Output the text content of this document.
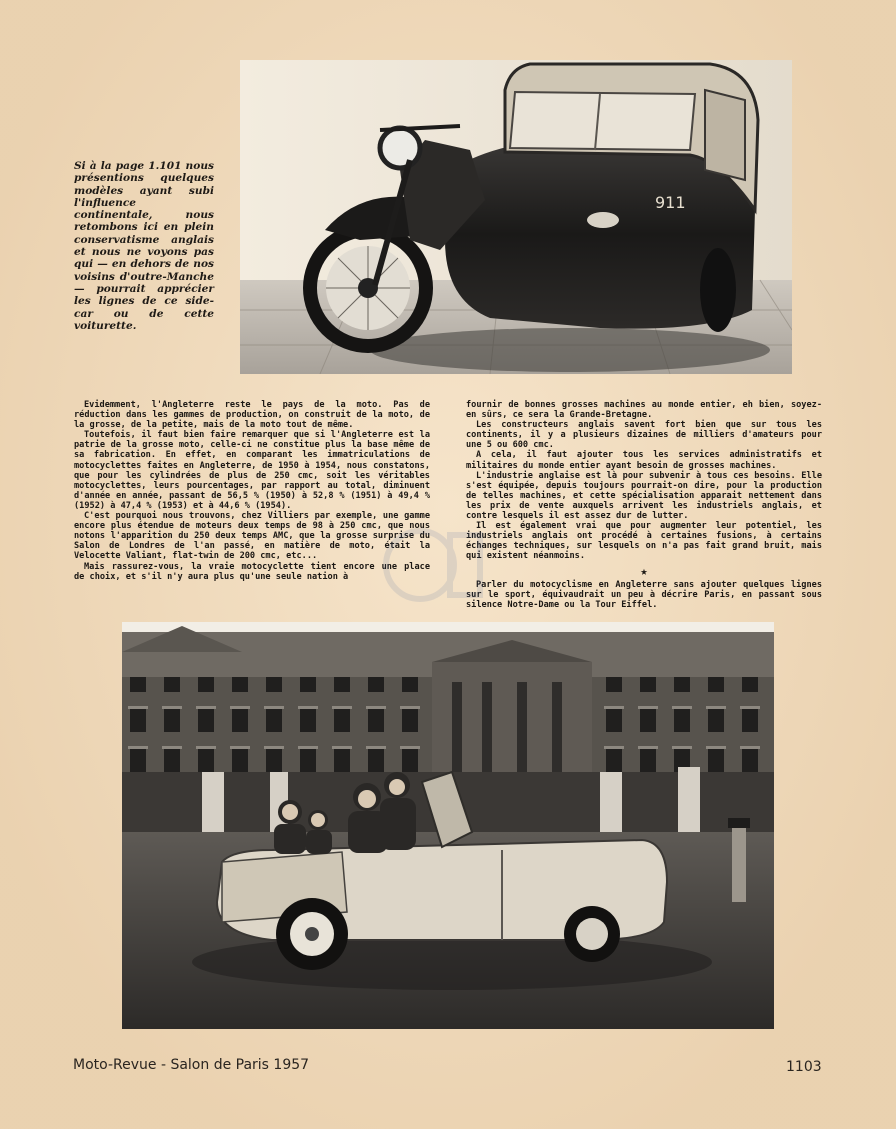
911

Si à la page 1.101 nous présentions quelques modèles ayant subi l'influence continentale, nous retombons ici en plein conservatisme anglais et nous ne voyons pas qui — en dehors de nos voisins d'outre-Manche — pourrait apprécier les lignes de ce side-car ou de cette voiturette.

Evidemment, l'Angleterre reste le pays de la moto. Pas de réduction dans les gammes de production, on construit de la moto, de la grosse, de la petite, mais de la moto tout de même.

Toutefois, il faut bien faire remarquer que si l'Angleterre est la patrie de la grosse moto, celle-ci ne constitue plus la base même de sa fabrication. En effet, en comparant les immatriculations de motocyclettes faites en Angleterre, de 1950 à 1954, nous constatons, que pour les cylindrées de plus de 250 cmc, soit les véritables motocyclettes, leurs pourcentages, par rapport au total, diminuent d'année en année, passant de 56,5 % (1950) à 52,8 % (1951) à 49,4 % (1952) à 47,4 % (1953) et à 44,6 % (1954).

C'est pourquoi nous trouvons, chez Villiers par exemple, une gamme encore plus étendue de moteurs deux temps de 98 à 250 cmc, que nous notons l'apparition du 250 deux temps AMC, que la grosse surprise du Salon de Londres de l'an passé, en matière de moto, était la Velocette Valiant, flat-twin de 200 cmc, etc...

Mais rassurez-vous, la vraie motocyclette tient encore une place de choix, et s'il n'y aura plus qu'une seule nation à

fournir de bonnes grosses machines au monde entier, eh bien, soyez-en sûrs, ce sera la Grande-Bretagne.

Les constructeurs anglais savent fort bien que sur tous les continents, il y a plusieurs dizaines de milliers d'amateurs pour une 5 ou 600 cmc.

A cela, il faut ajouter tous les services administratifs et militaires du monde entier ayant besoin de grosses machines.

L'industrie anglaise est là pour subvenir à tous ces besoins. Elle s'est équipée, depuis toujours pourrait-on dire, pour la production de telles machines, et cette spécialisation apparait nettement dans les prix de vente auxquels arrivent les industriels anglais, et contre lesquels il est assez dur de lutter.

Il est également vrai que pour augmenter leur potentiel, les industriels anglais ont procédé à certaines fusions, à certains échanges techniques, sur lesquels on n'a pas fait grand bruit, mais qui existent néanmoins.

★

Parler du motocyclisme en Angleterre sans ajouter quelques lignes sur le sport, équivaudrait un peu à décrire Paris, en passant sous silence Notre-Dame ou la Tour Eiffel.

Moto-Revue - Salon de Paris 1957	1103
